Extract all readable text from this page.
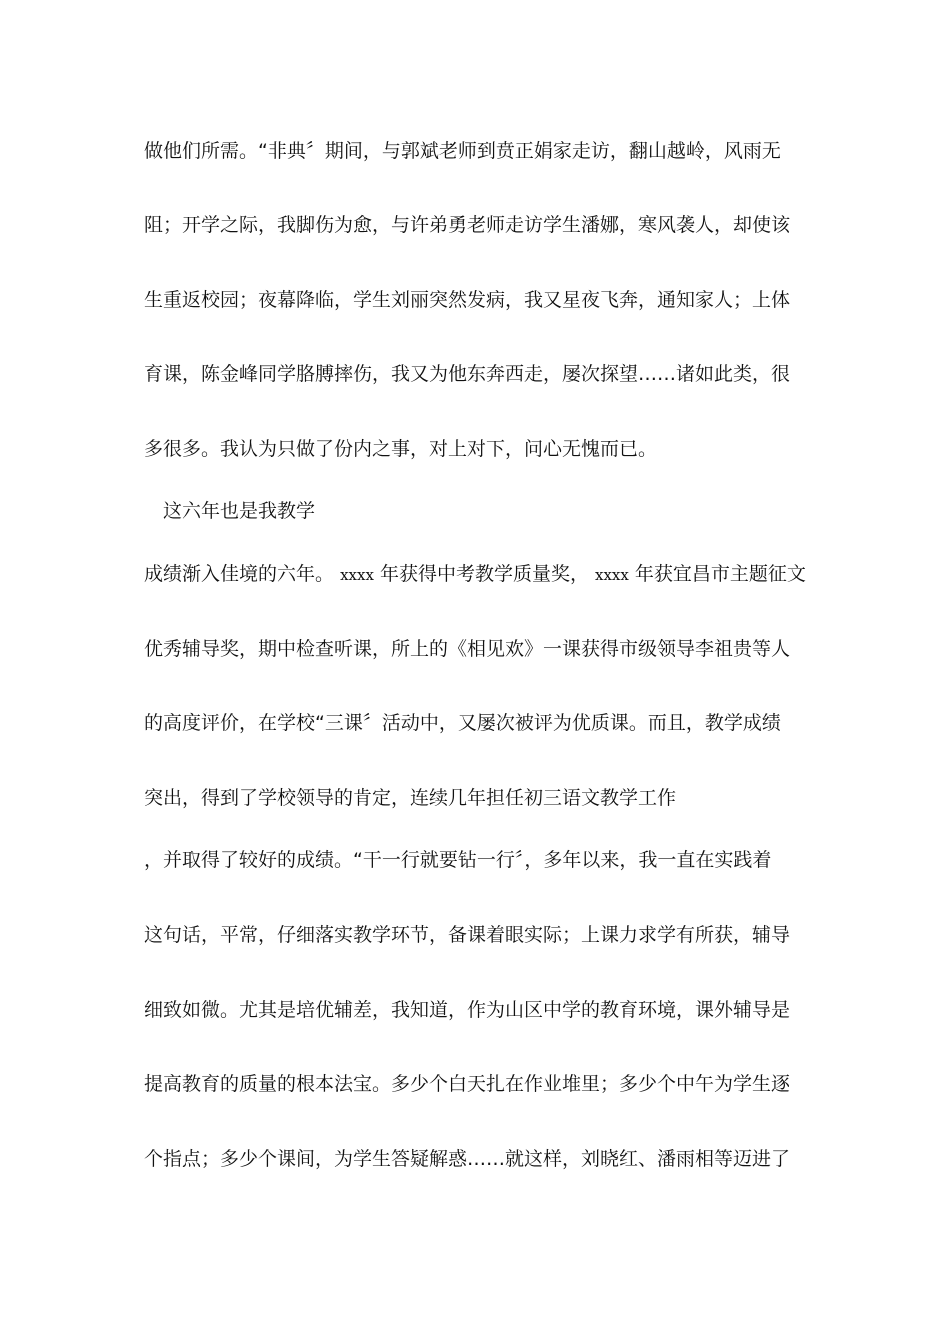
做他们所需。“非典〞期间，与郭斌老师到贲正娟家走访，翻山越岭，风雨无
阻；开学之际，我脚伤为愈，与许弟勇老师走访学生潘娜，寒风袭人，却使该
生重返校园；夜幕降临，学生刘丽突然发病，我又星夜飞奔，通知家人；上体
育课，陈金峰同学胳膊摔伤，我又为他东奔西走，屡次探望……诸如此类，很
多很多。我认为只做了份内之事，对上对下，问心无愧而已。
这六年也是我教学
成绩渐入佳境的六年。 xxxx 年获得中考教学质量奖， xxxx 年获宜昌市主题征文
优秀辅导奖，期中检查听课，所上的《相见欢》一课获得市级领导李祖贵等人
的高度评价，在学校“三课〞活动中，又屡次被评为优质课。而且，教学成绩
突出，得到了学校领导的肯定，连续几年担任初三语文教学工作
，并取得了较好的成绩。“干一行就要钻一行〞，多年以来，我一直在实践着
这句话，平常，仔细落实教学环节，备课着眼实际；上课力求学有所获，辅导
细致如微。尤其是培优辅差，我知道，作为山区中学的教育环境，课外辅导是
提高教育的质量的根本法宝。多少个白天扎在作业堆里；多少个中午为学生逐
个指点；多少个课间，为学生答疑解惑……就这样，刘晓红、潘雨相等迈进了
